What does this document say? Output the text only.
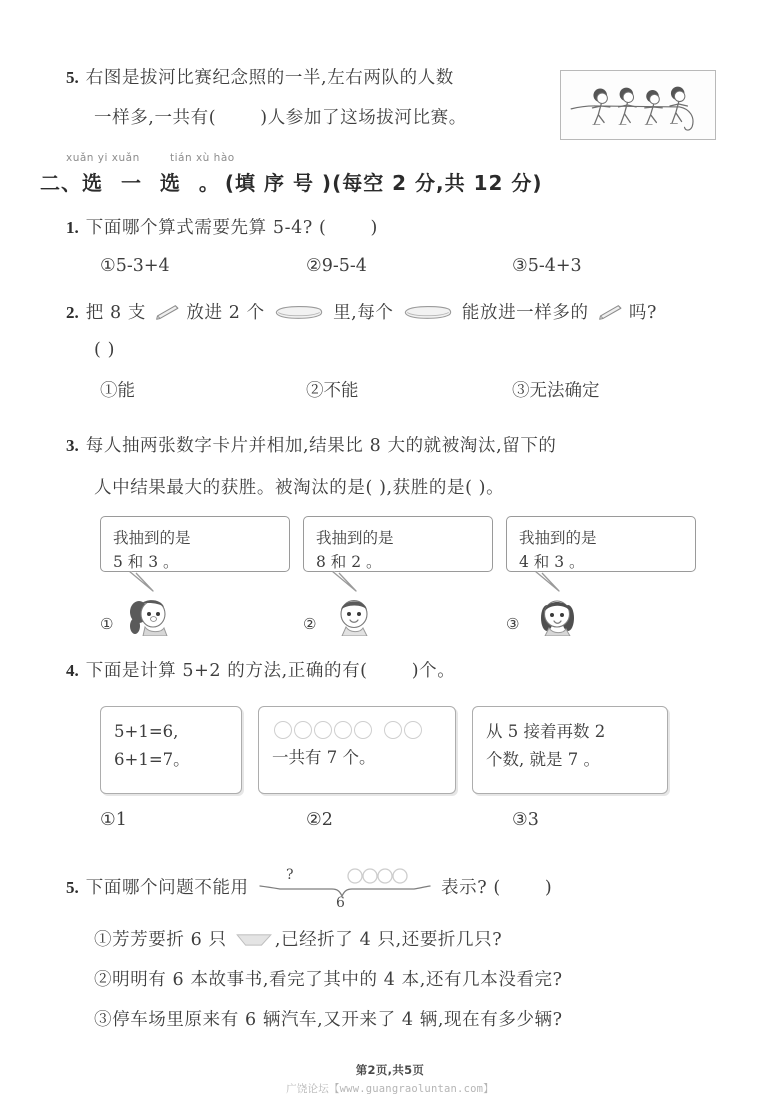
5. 右图是拔河比赛纪念照的一半,左右两队的人数
一样多,一共有(	)人参加了这场拔河比赛。
xuǎn yi xuǎn	tián xù hào
二、 选 一 选 。 (填 序 号 ) (每空 2 分,共 12 分)
1. 下面哪个算式需要先算 5-4? (	)
①5-3+4	②9-5-4	③5-4+3
2. 把 8 支 放进 2 个	里,每个	能放进一样多的 吗?
( )
①能	②不能	③无法确定
3. 每人抽两张数字卡片并相加,结果比 8 大的就被淘汰,留下的
人中结果最大的获胜。被淘汰的是( ),获胜的是( )。
我抽到的是
5 和 3 。
①
我抽到的是
8 和 2 。
②
我抽到的是
4 和 3 。
③
4. 下面是计算 5+2 的方法,正确的有(	)个。
5+1=6,
6+1=7。	一共有 7 个。
从 5 接着再数 2
个数, 就是 7 。
①1	②2	③3
5. 下面哪个问题不能用
?
6
表示? (	)
①芳芳要折 6 只	,已经折了 4 只,还要折几只?
②明明有 6 本故事书,看完了其中的 4 本,还有几本没看完?
③停车场里原来有 6 辆汽车,又开来了 4 辆,现在有多少辆?
第2页,共5页
广饶论坛【www.guangraoluntan.com】
